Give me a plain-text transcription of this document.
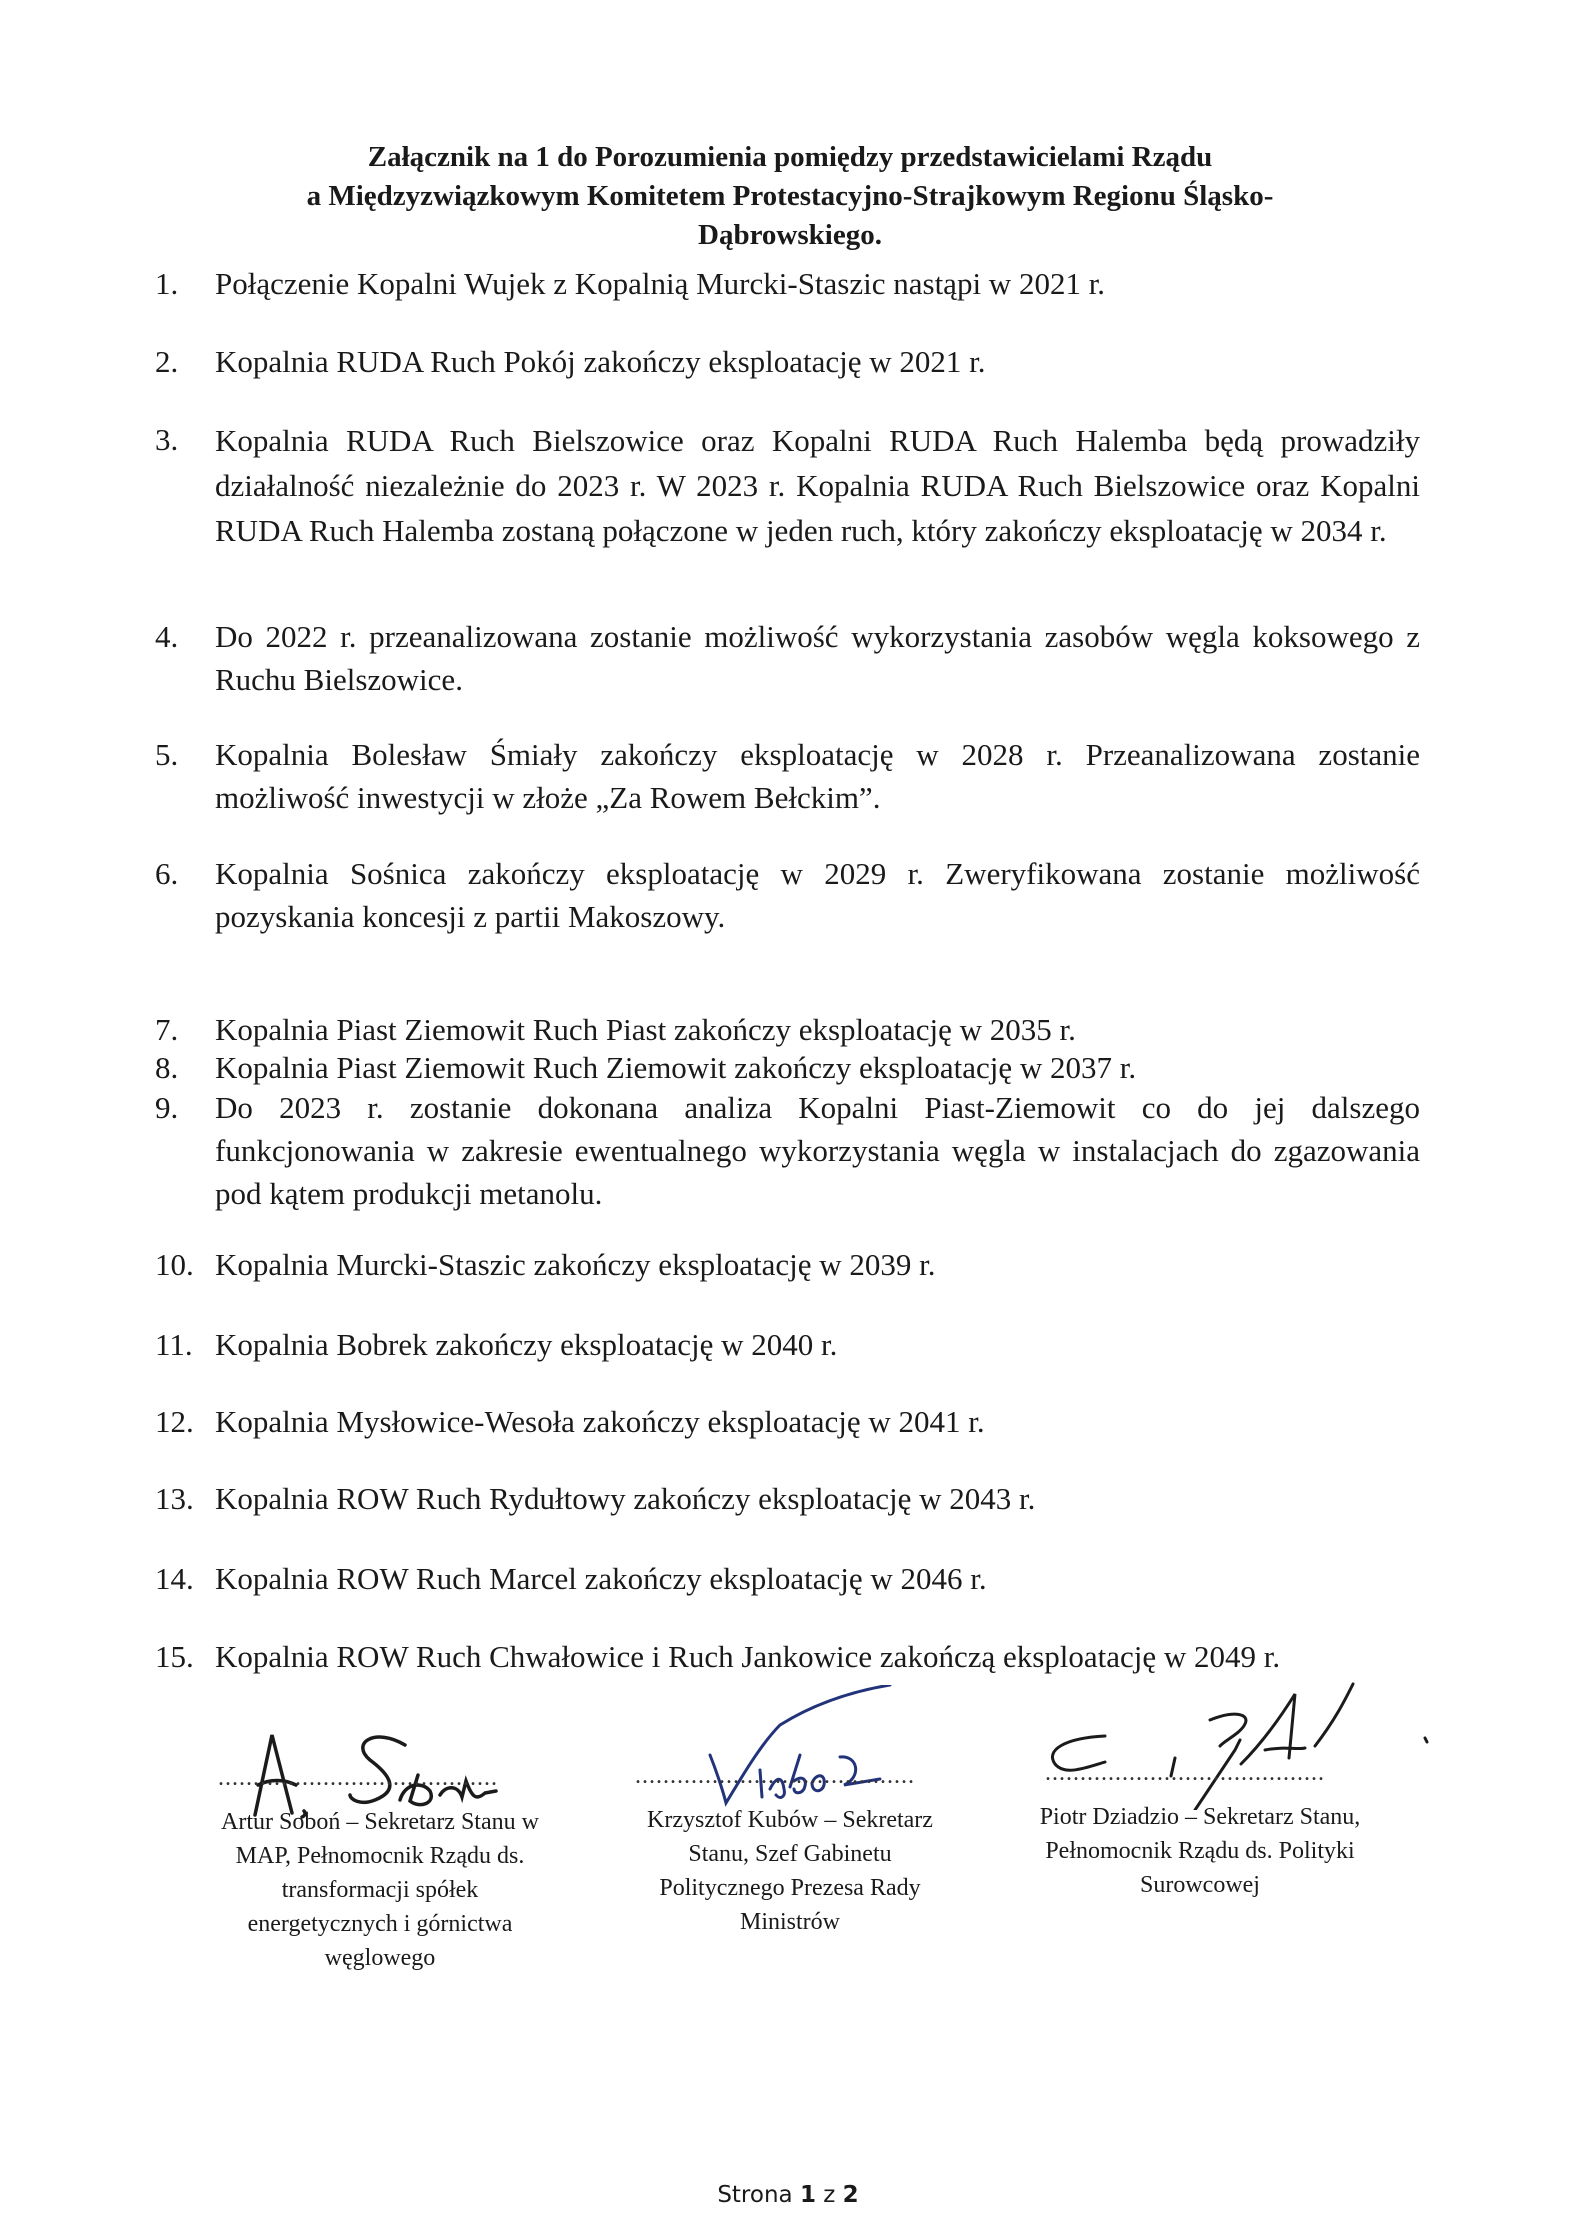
Załącznik na 1 do Porozumienia pomiędzy przedstawicielami Rządu
a Międzyzwiązkowym Komitetem Protestacyjno-Strajkowym Regionu Śląsko-
Dąbrowskiego.
1.	Połączenie Kopalni Wujek z Kopalnią Murcki-Staszic nastąpi w 2021 r.
2.	Kopalnia RUDA Ruch Pokój zakończy eksploatację w 2021 r.
3.	Kopalnia RUDA Ruch Bielszowice oraz Kopalni RUDA Ruch Halemba będą prowadziły działalność niezależnie do 2023 r. W 2023 r. Kopalnia RUDA Ruch Bielszowice oraz Kopalni RUDA Ruch Halemba zostaną połączone w jeden ruch, który zakończy eksploatację w 2034 r.
4.	Do 2022 r. przeanalizowana zostanie możliwość wykorzystania zasobów węgla koksowego z Ruchu Bielszowice.
5.	Kopalnia Bolesław Śmiały zakończy eksploatację w 2028 r. Przeanalizowana zostanie możliwość inwestycji w złoże „Za Rowem Bełckim”.
6.	Kopalnia Sośnica zakończy eksploatację w 2029 r. Zweryfikowana zostanie możliwość pozyskania koncesji z partii Makoszowy.
7.	Kopalnia Piast Ziemowit Ruch Piast zakończy eksploatację w 2035 r.
8.	Kopalnia Piast Ziemowit Ruch Ziemowit zakończy eksploatację w 2037 r.
9.	Do 2023 r. zostanie dokonana analiza Kopalni Piast-Ziemowit co do jej dalszego funkcjonowania w zakresie ewentualnego wykorzystania węgla w instalacjach do zgazowania pod kątem produkcji metanolu.
10. Kopalnia Murcki-Staszic zakończy eksploatację w 2039 r.
11. Kopalnia Bobrek zakończy eksploatację w 2040 r.
12. Kopalnia Mysłowice-Wesoła zakończy eksploatację w 2041 r.
13. Kopalnia ROW Ruch Rydułtowy zakończy eksploatację w 2043 r.
14. Kopalnia ROW Ruch Marcel zakończy eksploatację w 2046 r.
15. Kopalnia ROW Ruch Chwałowice i Ruch Jankowice zakończą eksploatację w 2049 r.
........................................
Artur Soboń – Sekretarz Stanu w
MAP, Pełnomocnik Rządu ds.
transformacji spółek
energetycznych i górnictwa
węglowego
........................................
Krzysztof Kubów – Sekretarz
Stanu, Szef Gabinetu
Politycznego Prezesa Rady
Ministrów
........................................
Piotr Dziadzio – Sekretarz Stanu,
Pełnomocnik Rządu ds. Polityki
Surowcowej
Strona 1 z 2
